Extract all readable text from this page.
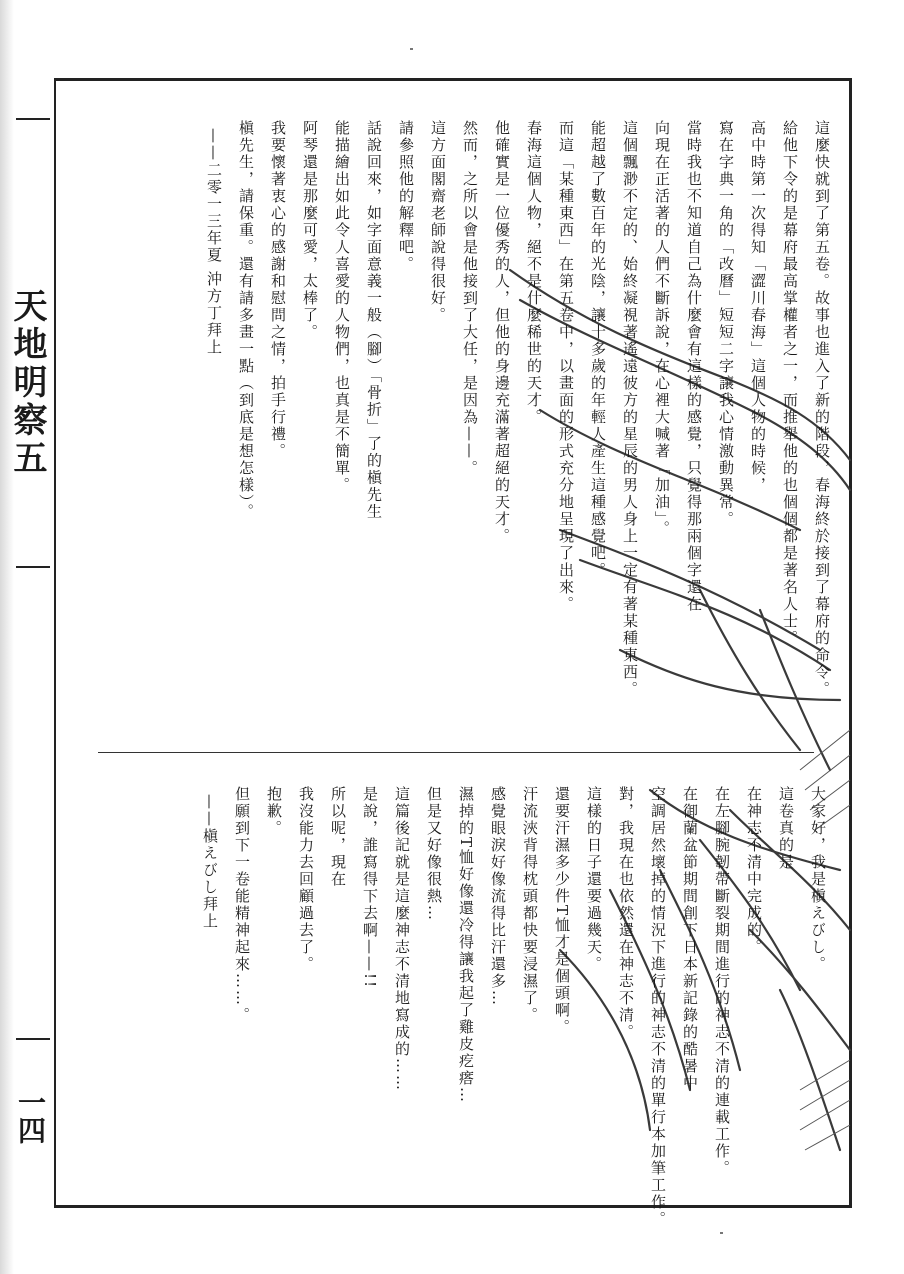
天地明察五
一四
這麼快就到了第五卷。故事也進入了新的階段，春海終於接到了幕府的命令。
給他下令的是幕府最高掌權者之一，而推舉他的也個個都是著名人士。
高中時第一次得知「澀川春海」這個人物的時候，
寫在字典一角的「改曆」短短二字讓我心情激動異常。
當時我也不知道自己為什麼會有這樣的感覺，只覺得那兩個字還在
向現在正活著的人們不斷訴說，在心裡大喊著「加油」。
這個飄渺不定的、始終凝視著遙遠彼方的星辰的男人身上一定有著某種東西。
能超越了數百年的光陰，讓十多歲的年輕人產生這種感覺吧。
而這「某種東西」在第五卷中，以畫面的形式充分地呈現了出來。
春海這個人物，絕不是什麼稀世的天才。
他確實是一位優秀的人，但他的身邊充滿著超絕的天才。
然而，之所以會是他接到了大任，是因為——。
這方面閣齋老師說得很好。
請參照他的解釋吧。
話說回來，如字面意義一般（腳）「骨折」了的槇先生
能描繪出如此令人喜愛的人物們，也真是不簡單。
阿琴還是那麼可愛，太棒了。
我要懷著衷心的感謝和慰問之情，拍手行禮。
槇先生，請保重。還有請多畫一點（到底是想怎樣）。
——二零一三年夏 沖方丁拜上
大家好，我是槇えびし。
這卷真的是
在神志不清中完成的。
在左腳腕韌帶斷裂期間進行的神志不清的連載工作。
在御蘭盆節期間創下日本新記錄的酷暑中
空調居然壞掉的情況下進行的神志不清的單行本加筆工作。
對，我現在也依然還在神志不清。
這樣的日子還要過幾天。
還要汗濕多少件T恤才是個頭啊。
汗流浹背得枕頭都快要浸濕了。
感覺眼淚好像流得比汗還多…
濕掉的T恤好像還冷得讓我起了雞皮疙瘩…
但是又好像很熱…
這篇後記就是這麼神志不清地寫成的……
是說，誰寫得下去啊——!!
所以呢，現在
我沒能力去回顧過去了。
抱歉。
但願到下一卷能精神起來……。
——槇えびし拜上
